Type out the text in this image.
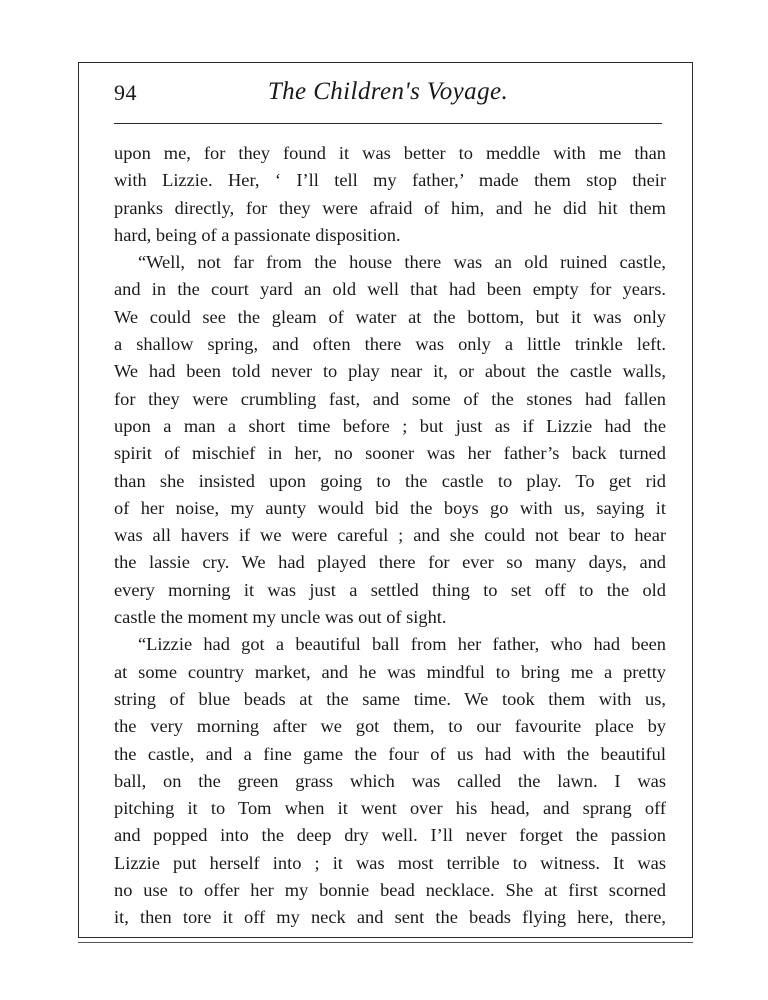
94	The Children's Voyage.
upon me, for they found it was better to meddle with me than
with Lizzie. Her, ‘ I’ll tell my father,’ made them stop their
pranks directly, for they were afraid of him, and he did hit them
hard, being of a passionate disposition.
“Well, not far from the house there was an old ruined castle,
and in the court yard an old well that had been empty for years.
We could see the gleam of water at the bottom, but it was only
a shallow spring, and often there was only a little trinkle left.
We had been told never to play near it, or about the castle walls,
for they were crumbling fast, and some of the stones had fallen
upon a man a short time before ; but just as if Lizzie had the
spirit of mischief in her, no sooner was her father’s back turned
than she insisted upon going to the castle to play. To get rid
of her noise, my aunty would bid the boys go with us, saying it
was all havers if we were careful ; and she could not bear to hear
the lassie cry. We had played there for ever so many days, and
every morning it was just a settled thing to set off to the old
castle the moment my uncle was out of sight.
“Lizzie had got a beautiful ball from her father, who had been
at some country market, and he was mindful to bring me a pretty
string of blue beads at the same time. We took them with us,
the very morning after we got them, to our favourite place by
the castle, and a fine game the four of us had with the beautiful
ball, on the green grass which was called the lawn. I was
pitching it to Tom when it went over his head, and sprang off
and popped into the deep dry well. I’ll never forget the passion
Lizzie put herself into ; it was most terrible to witness. It was
no use to offer her my bonnie bead necklace. She at first scorned
it, then tore it off my neck and sent the beads flying here, there,
